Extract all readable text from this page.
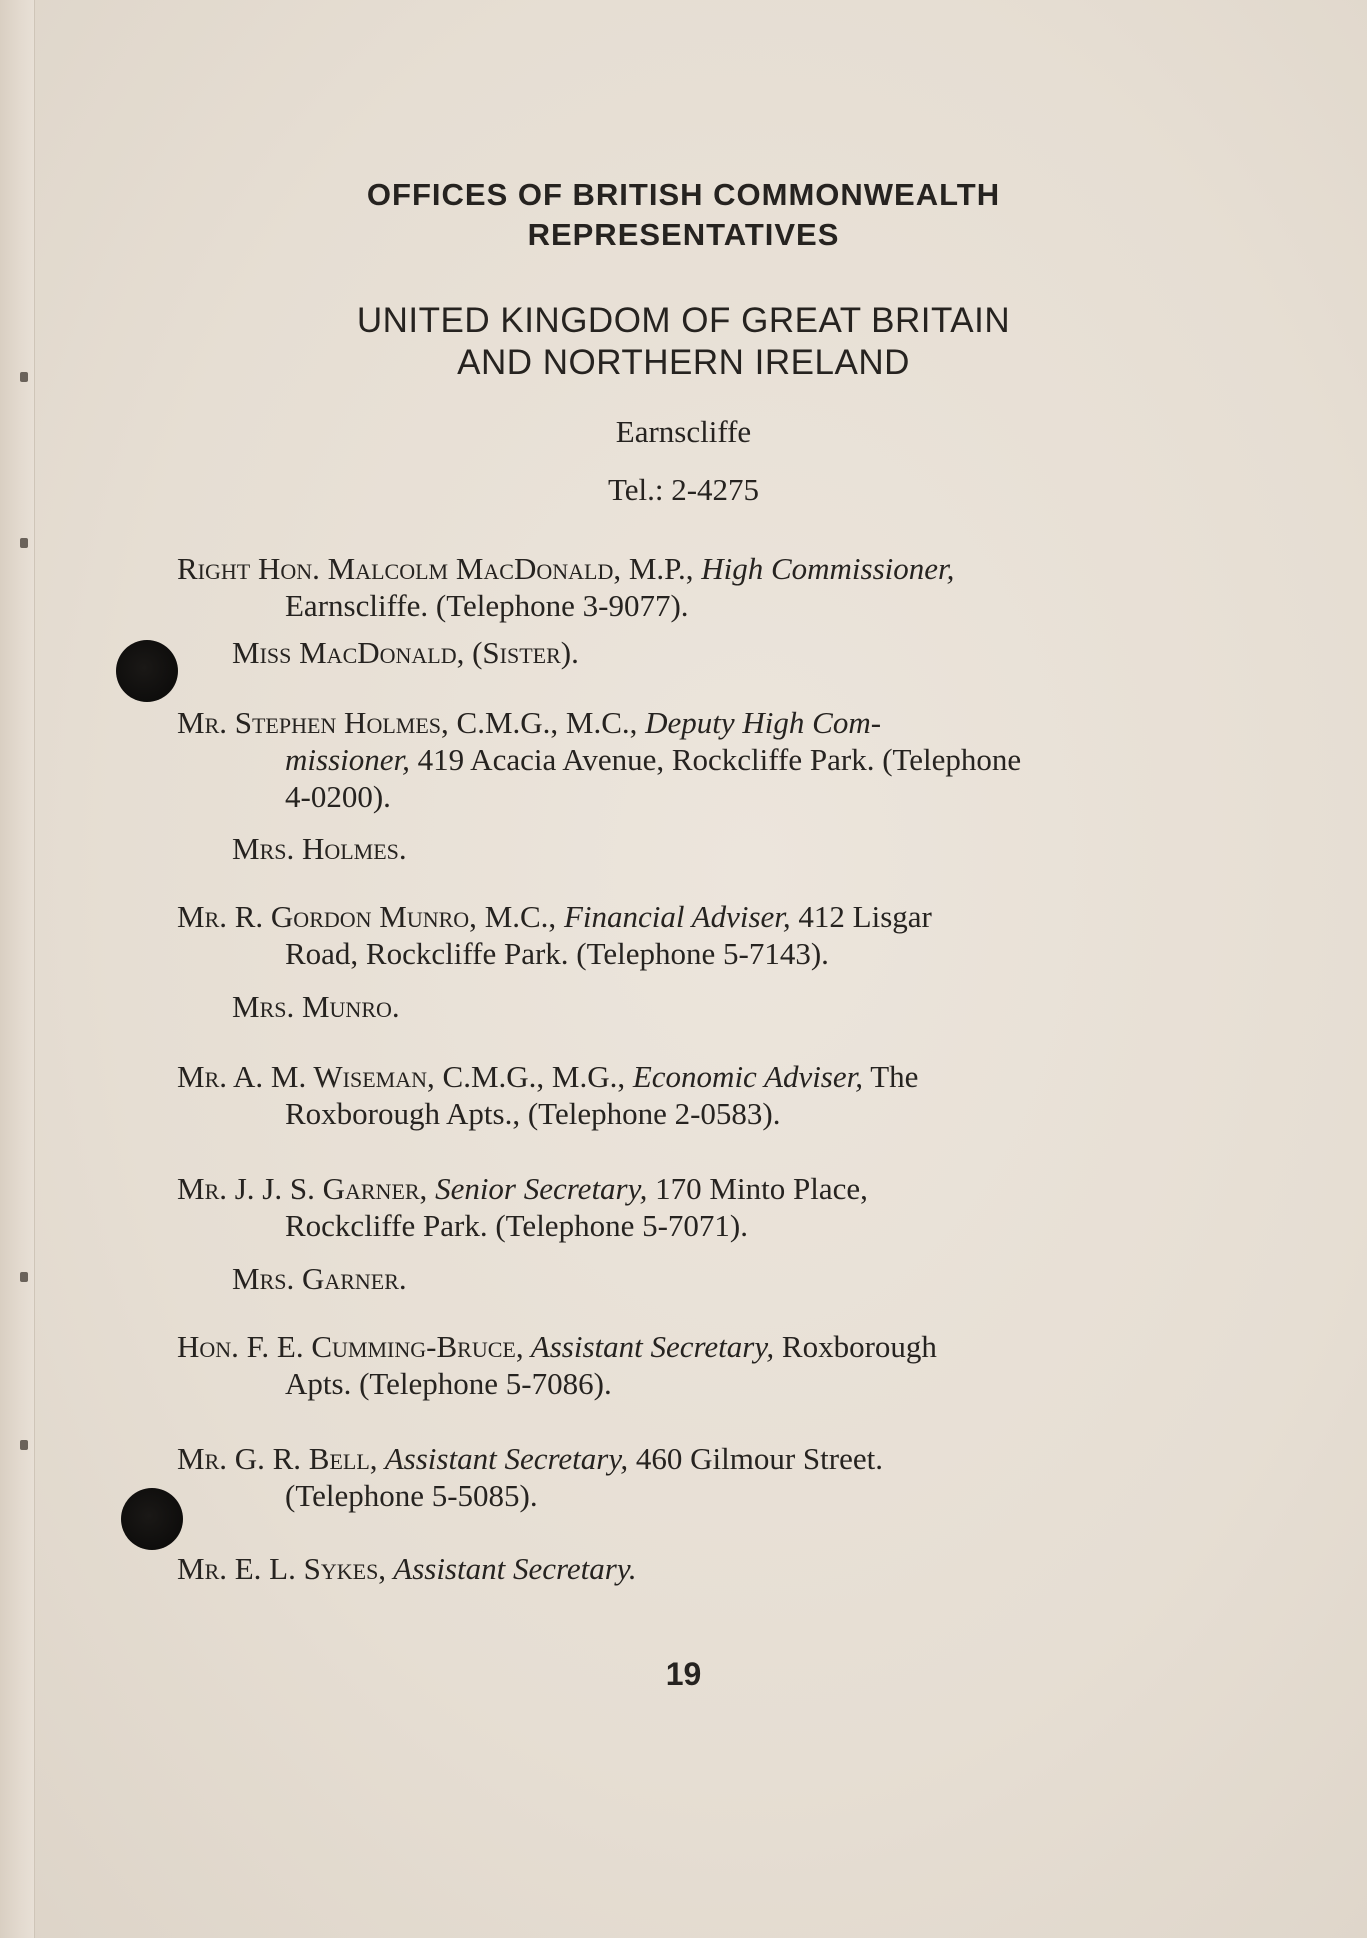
OFFICES OF BRITISH COMMONWEALTH
REPRESENTATIVES
UNITED KINGDOM OF GREAT BRITAIN
AND NORTHERN IRELAND
Earnscliffe
Tel.: 2-4275
Right Hon. Malcolm MacDonald, M.P., High Commissioner,
Earnscliffe. (Telephone 3-9077).
Miss MacDonald, (Sister).
Mr. Stephen Holmes, C.M.G., M.C., Deputy High Com-
missioner, 419 Acacia Avenue, Rockcliffe Park. (Telephone
4-0200).
Mrs. Holmes.
Mr. R. Gordon Munro, M.C., Financial Adviser, 412 Lisgar
Road, Rockcliffe Park. (Telephone 5-7143).
Mrs. Munro.
Mr. A. M. Wiseman, C.M.G., M.G., Economic Adviser, The
Roxborough Apts., (Telephone 2-0583).
Mr. J. J. S. Garner, Senior Secretary, 170 Minto Place,
Rockcliffe Park. (Telephone 5-7071).
Mrs. Garner.
Hon. F. E. Cumming-Bruce, Assistant Secretary, Roxborough
Apts. (Telephone 5-7086).
Mr. G. R. Bell, Assistant Secretary, 460 Gilmour Street.
(Telephone 5-5085).
Mr. E. L. Sykes, Assistant Secretary.
19
